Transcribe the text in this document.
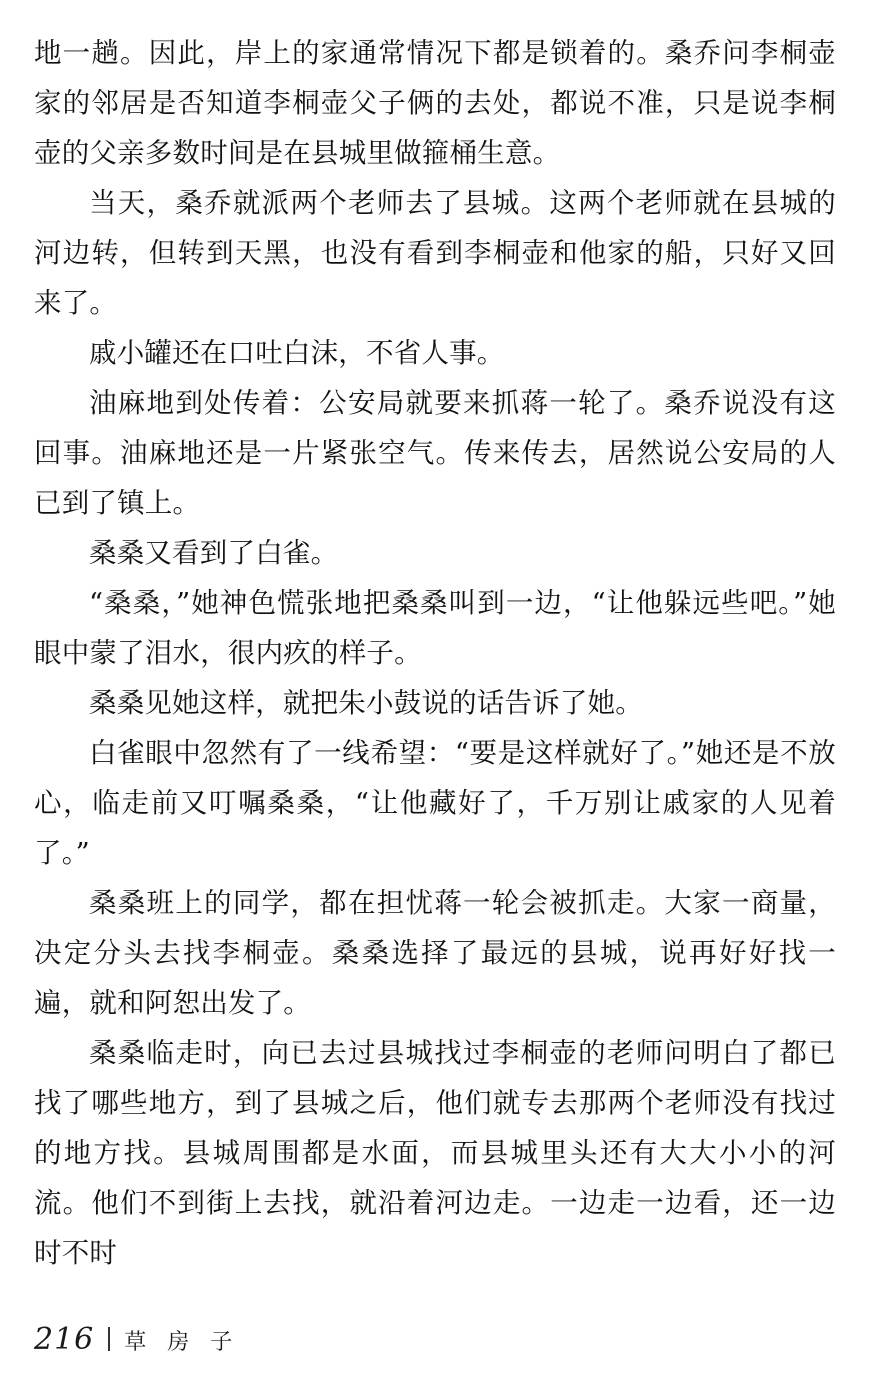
地一趟。因此，岸上的家通常情况下都是锁着的。桑乔问李桐壶家的邻居是否知道李桐壶父子俩的去处，都说不准，只是说李桐壶的父亲多数时间是在县城里做箍桶生意。

当天，桑乔就派两个老师去了县城。这两个老师就在县城的河边转，但转到天黑，也没有看到李桐壶和他家的船，只好又回来了。

戚小罐还在口吐白沫，不省人事。

油麻地到处传着：公安局就要来抓蒋一轮了。桑乔说没有这回事。油麻地还是一片紧张空气。传来传去，居然说公安局的人已到了镇上。

桑桑又看到了白雀。

“桑桑，”她神色慌张地把桑桑叫到一边，“让他躲远些吧。”她眼中蒙了泪水，很内疚的样子。

桑桑见她这样，就把朱小鼓说的话告诉了她。

白雀眼中忽然有了一线希望：“要是这样就好了。”她还是不放心，临走前又叮嘱桑桑，“让他藏好了，千万别让戚家的人见着了。”

桑桑班上的同学，都在担忧蒋一轮会被抓走。大家一商量，决定分头去找李桐壶。桑桑选择了最远的县城，说再好好找一遍，就和阿恕出发了。

桑桑临走时，向已去过县城找过李桐壶的老师问明白了都已找了哪些地方，到了县城之后，他们就专去那两个老师没有找过的地方找。县城周围都是水面，而县城里头还有大大小小的河流。他们不到街上去找，就沿着河边走。一边走一边看，还一边时不时

216 草 房 子
